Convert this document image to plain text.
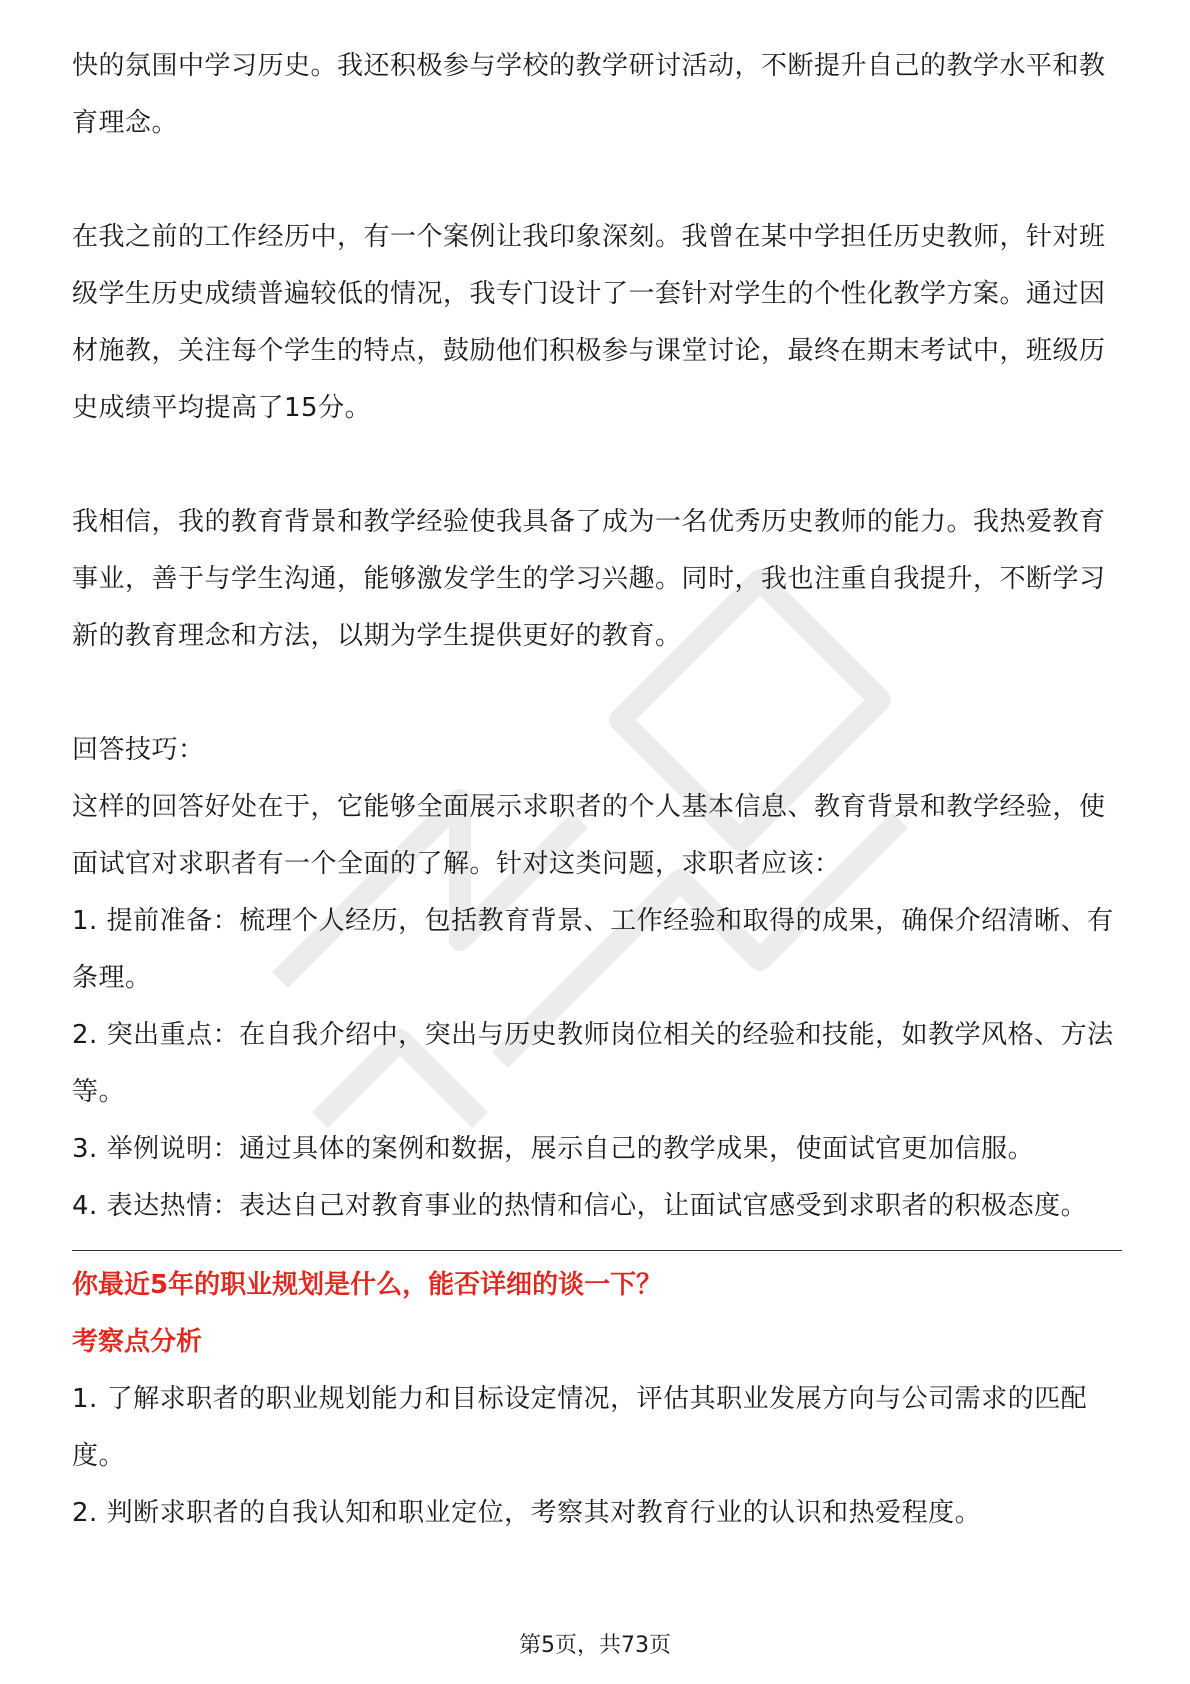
快的氛围中学习历史。我还积极参与学校的教学研讨活动，不断提升自己的教学水平和教育理念。

在我之前的工作经历中，有一个案例让我印象深刻。我曾在某中学担任历史教师，针对班级学生历史成绩普遍较低的情况，我专门设计了一套针对学生的个性化教学方案。通过因材施教，关注每个学生的特点，鼓励他们积极参与课堂讨论，最终在期末考试中，班级历史成绩平均提高了15分。

我相信，我的教育背景和教学经验使我具备了成为一名优秀历史教师的能力。我热爱教育事业，善于与学生沟通，能够激发学生的学习兴趣。同时，我也注重自我提升，不断学习新的教育理念和方法，以期为学生提供更好的教育。

回答技巧：

这样的回答好处在于，它能够全面展示求职者的个人基本信息、教育背景和教学经验，使面试官对求职者有一个全面的了解。针对这类问题，求职者应该：

1. 提前准备：梳理个人经历，包括教育背景、工作经验和取得的成果，确保介绍清晰、有条理。

2. 突出重点：在自我介绍中，突出与历史教师岗位相关的经验和技能，如教学风格、方法等。

3. 举例说明：通过具体的案例和数据，展示自己的教学成果，使面试官更加信服。

4. 表达热情：表达自己对教育事业的热情和信心，让面试官感受到求职者的积极态度。

你最近5年的职业规划是什么，能否详细的谈一下？

考察点分析

1. 了解求职者的职业规划能力和目标设定情况，评估其职业发展方向与公司需求的匹配度。

2. 判断求职者的自我认知和职业定位，考察其对教育行业的认识和热爱程度。

第5页，共73页
